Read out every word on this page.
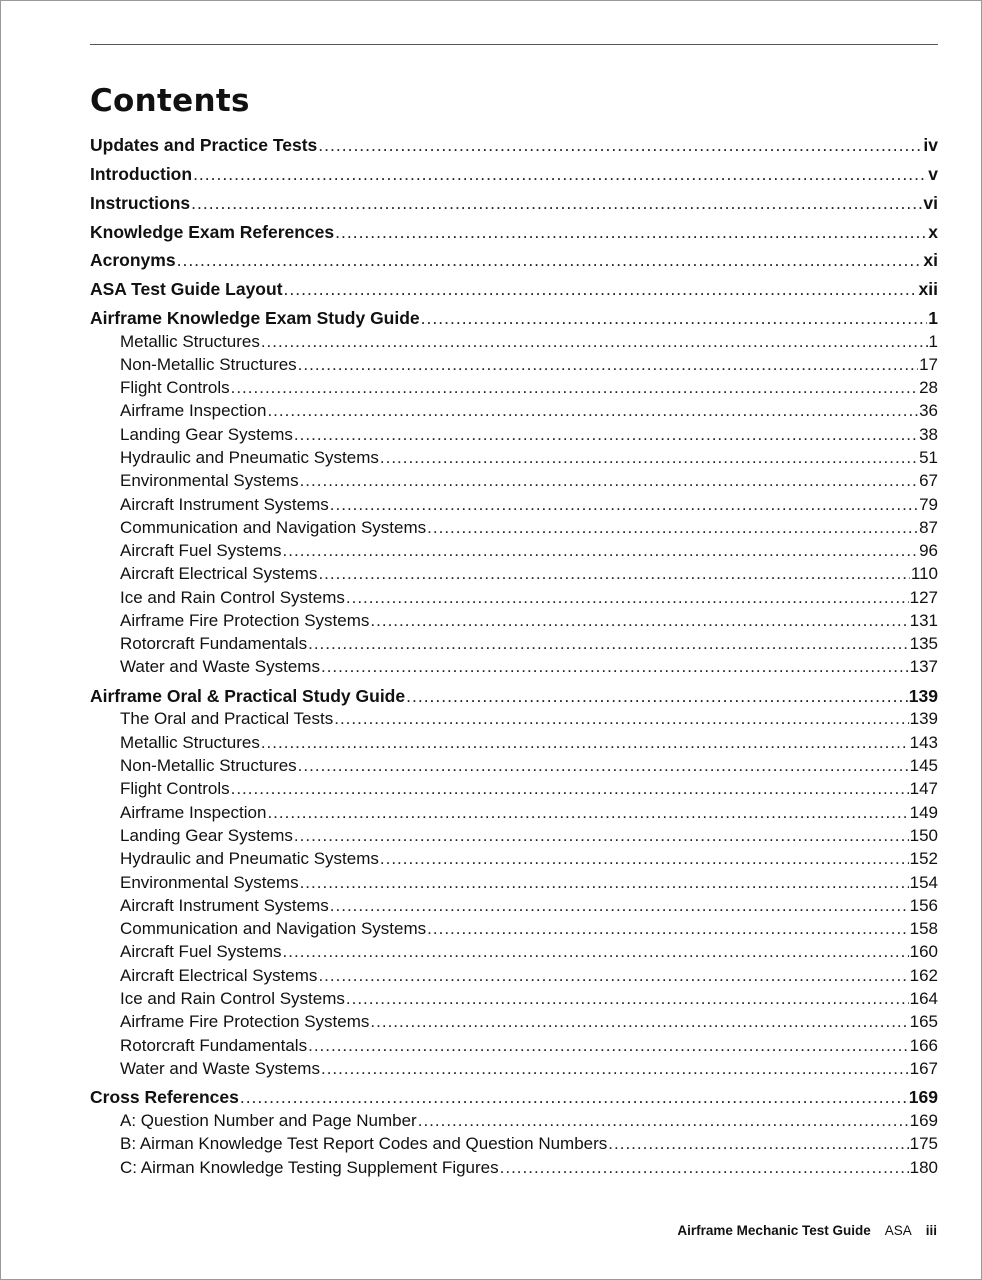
Contents
Updates and Practice Tests .....	iv
Introduction .....	v
Instructions .....	vi
Knowledge Exam References .....	x
Acronyms .....	xi
ASA Test Guide Layout .....	xii
Airframe Knowledge Exam Study Guide .....	1
Metallic Structures .....	1
Non-Metallic Structures .....	17
Flight Controls .....	28
Airframe Inspection .....	36
Landing Gear Systems .....	38
Hydraulic and Pneumatic Systems .....	51
Environmental Systems .....	67
Aircraft Instrument Systems .....	79
Communication and Navigation Systems .....	87
Aircraft Fuel Systems .....	96
Aircraft Electrical Systems .....	110
Ice and Rain Control Systems .....	127
Airframe Fire Protection Systems .....	131
Rotorcraft Fundamentals .....	135
Water and Waste Systems .....	137
Airframe Oral & Practical Study Guide .....	139
The Oral and Practical Tests .....	139
Metallic Structures .....	143
Non-Metallic Structures .....	145
Flight Controls .....	147
Airframe Inspection .....	149
Landing Gear Systems .....	150
Hydraulic and Pneumatic Systems .....	152
Environmental Systems .....	154
Aircraft Instrument Systems .....	156
Communication and Navigation Systems .....	158
Aircraft Fuel Systems .....	160
Aircraft Electrical Systems .....	162
Ice and Rain Control Systems .....	164
Airframe Fire Protection Systems .....	165
Rotorcraft Fundamentals .....	166
Water and Waste Systems .....	167
Cross References .....	169
A: Question Number and Page Number .....	169
B: Airman Knowledge Test Report Codes and Question Numbers .....	175
C: Airman Knowledge Testing Supplement Figures .....	180
Airframe Mechanic Test Guide ASA iii
